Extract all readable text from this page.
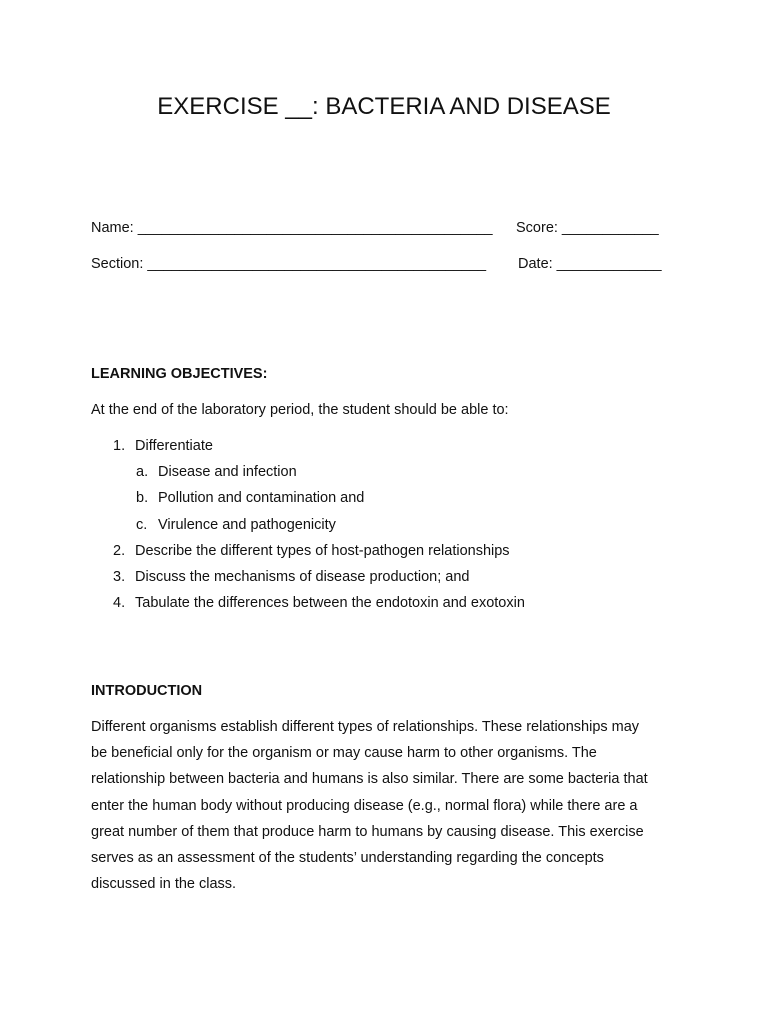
EXERCISE __: BACTERIA AND DISEASE
Name: ____________________________________________ Score: ____________
Section: __________________________________________ Date: _____________
LEARNING OBJECTIVES:
At the end of the laboratory period, the student should be able to:
1. Differentiate
a. Disease and infection
b. Pollution and contamination and
c. Virulence and pathogenicity
2. Describe the different types of host-pathogen relationships
3. Discuss the mechanisms of disease production; and
4. Tabulate the differences between the endotoxin and exotoxin
INTRODUCTION
Different organisms establish different types of relationships. These relationships may
be beneficial only for the organism or may cause harm to other organisms. The
relationship between bacteria and humans is also similar. There are some bacteria that
enter the human body without producing disease (e.g., normal flora) while there are a
great number of them that produce harm to humans by causing disease. This exercise
serves as an assessment of the students’ understanding regarding the concepts
discussed in the class.
